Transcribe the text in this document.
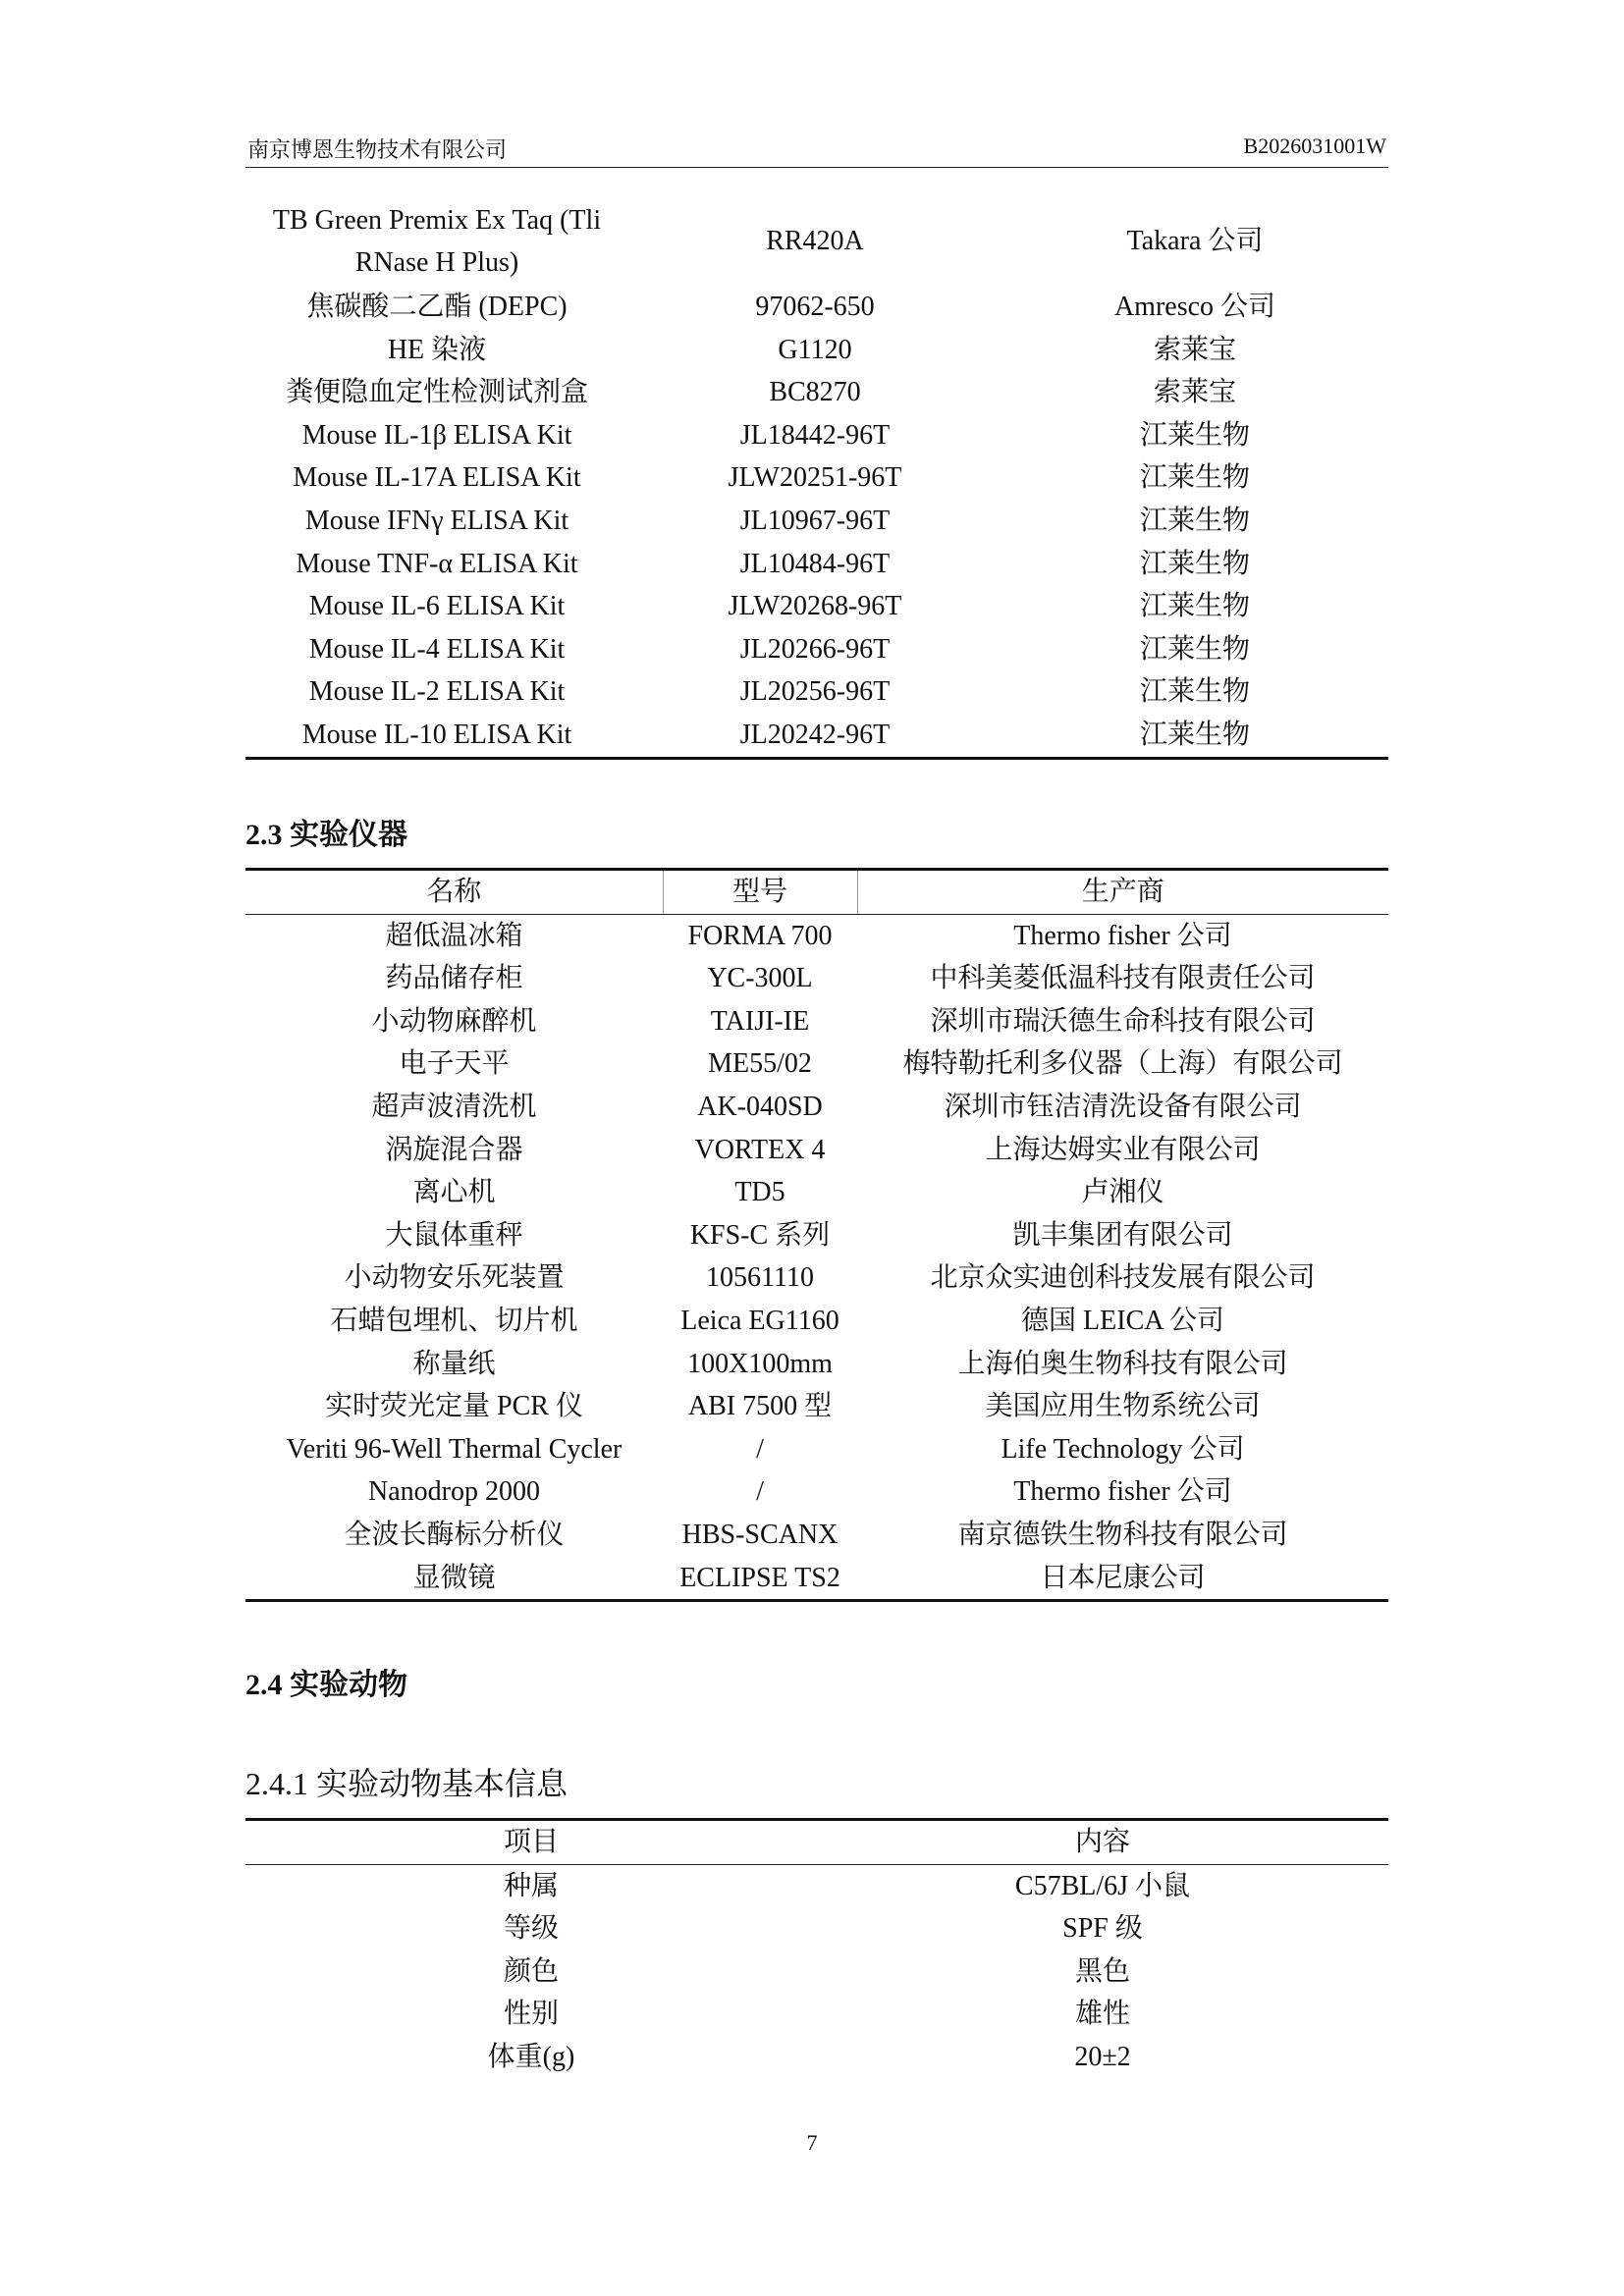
南京博恩生物技术有限公司	B2026031001W
TB Green Premix Ex Taq (Tli RNase H Plus)	RR420A	Takara 公司
焦碳酸二乙酯 (DEPC)	97062-650	Amresco 公司
HE 染液	G1120	索莱宝
粪便隐血定性检测试剂盒	BC8270	索莱宝
Mouse IL-1β ELISA Kit	JL18442-96T	江莱生物
Mouse IL-17A ELISA Kit	JLW20251-96T	江莱生物
Mouse IFNγ ELISA Kit	JL10967-96T	江莱生物
Mouse TNF-α ELISA Kit	JL10484-96T	江莱生物
Mouse IL-6 ELISA Kit	JLW20268-96T	江莱生物
Mouse IL-4 ELISA Kit	JL20266-96T	江莱生物
Mouse IL-2 ELISA Kit	JL20256-96T	江莱生物
Mouse IL-10 ELISA Kit	JL20242-96T	江莱生物
2.3 实验仪器
名称	型号	生产商
超低温冰箱	FORMA 700	Thermo fisher 公司
药品储存柜	YC-300L	中科美菱低温科技有限责任公司
小动物麻醉机	TAIJI-IE	深圳市瑞沃德生命科技有限公司
电子天平	ME55/02	梅特勒托利多仪器（上海）有限公司
超声波清洗机	AK-040SD	深圳市钰洁清洗设备有限公司
涡旋混合器	VORTEX 4	上海达姆实业有限公司
离心机	TD5	卢湘仪
大鼠体重秤	KFS-C 系列	凯丰集团有限公司
小动物安乐死装置	10561110	北京众实迪创科技发展有限公司
石蜡包埋机、切片机	Leica EG1160	德国 LEICA 公司
称量纸	100X100mm	上海伯奥生物科技有限公司
实时荧光定量 PCR 仪	ABI 7500 型	美国应用生物系统公司
Veriti 96-Well Thermal Cycler	/	Life Technology 公司
Nanodrop 2000	/	Thermo fisher 公司
全波长酶标分析仪	HBS-SCANX	南京德铁生物科技有限公司
显微镜	ECLIPSE TS2	日本尼康公司
2.4 实验动物
2.4.1 实验动物基本信息
项目	内容
种属	C57BL/6J 小鼠
等级	SPF 级
颜色	黑色
性别	雄性
体重(g)	20±2
7
